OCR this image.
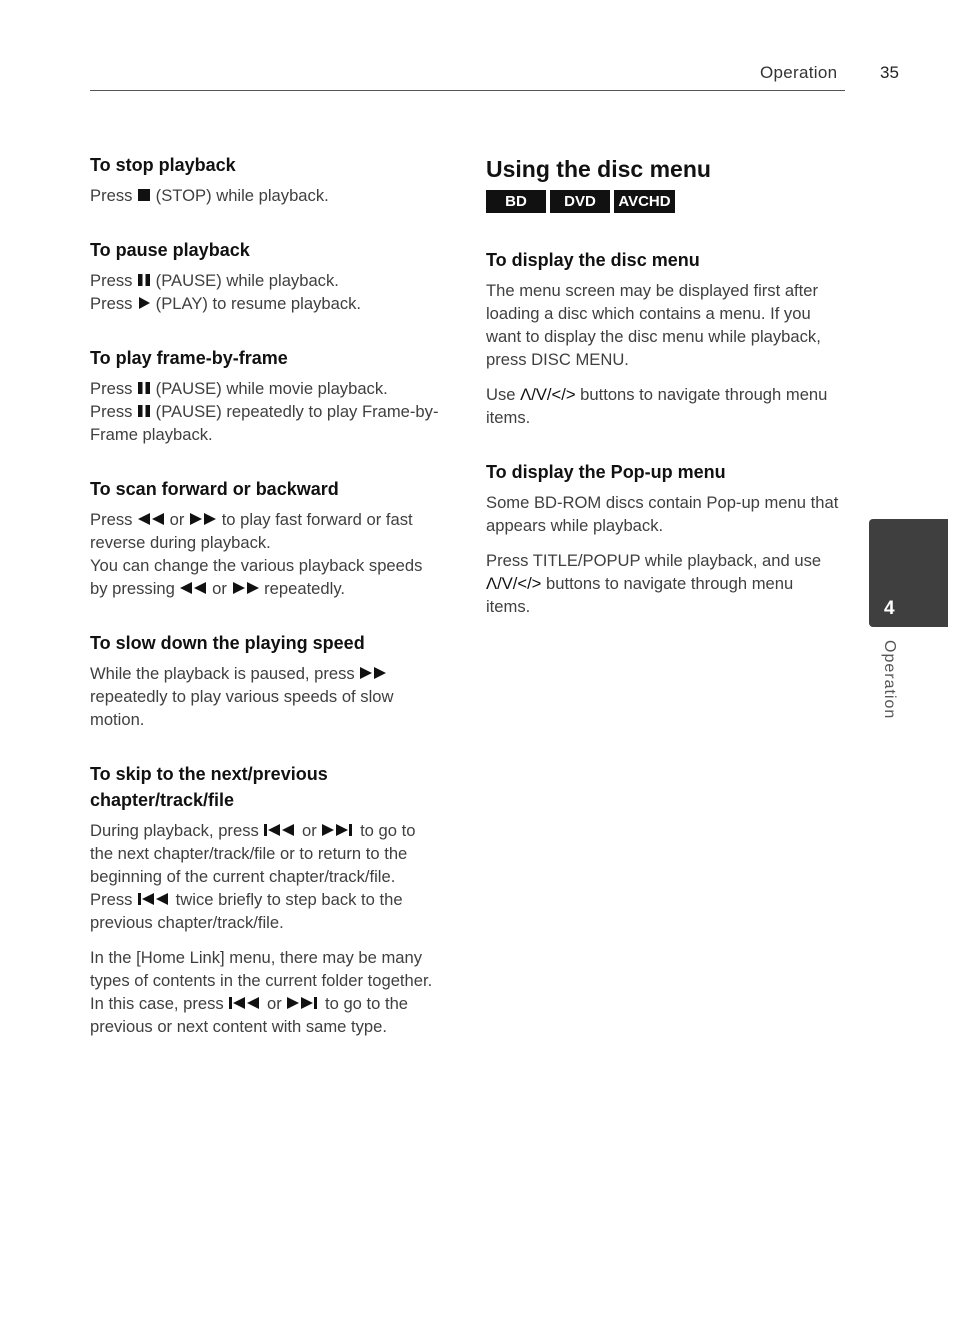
Operation	35
To stop playback

Press (STOP) while playback.

To pause playback

Press (PAUSE) while playback.
Press (PLAY) to resume playback.

To play frame-by-frame

Press (PAUSE) while movie playback.
Press (PAUSE) repeatedly to play Frame-by-Frame playback.

To scan forward or backward

Press or to play fast forward or fast reverse during playback.
You can change the various playback speeds by pressing or repeatedly.

To slow down the playing speed

While the playback is paused, press  repeatedly to play various speeds of slow motion.

To skip to the next/previous chapter/track/file

During playback, press	or	to go to the next chapter/track/file or to return to the beginning of the current chapter/track/file.
Press	twice briefly to step back to the previous chapter/track/file.

In the [Home Link] menu, there may be many types of contents in the current folder together. In this case, press	or	to go to the previous or next content with same type.

Using the disc menu
BD	DVD	AVCHD
To display the disc menu

The menu screen may be displayed first after loading a disc which contains a menu. If you want to display the disc menu while playback, press DISC MENU.

Use Λ/V/</> buttons to navigate through menu items.

To display the Pop-up menu

Some BD-ROM discs contain Pop-up menu that appears while playback.

Press TITLE/POPUP while playback, and use Λ/V/</> buttons to navigate through menu items.	4
Operation
